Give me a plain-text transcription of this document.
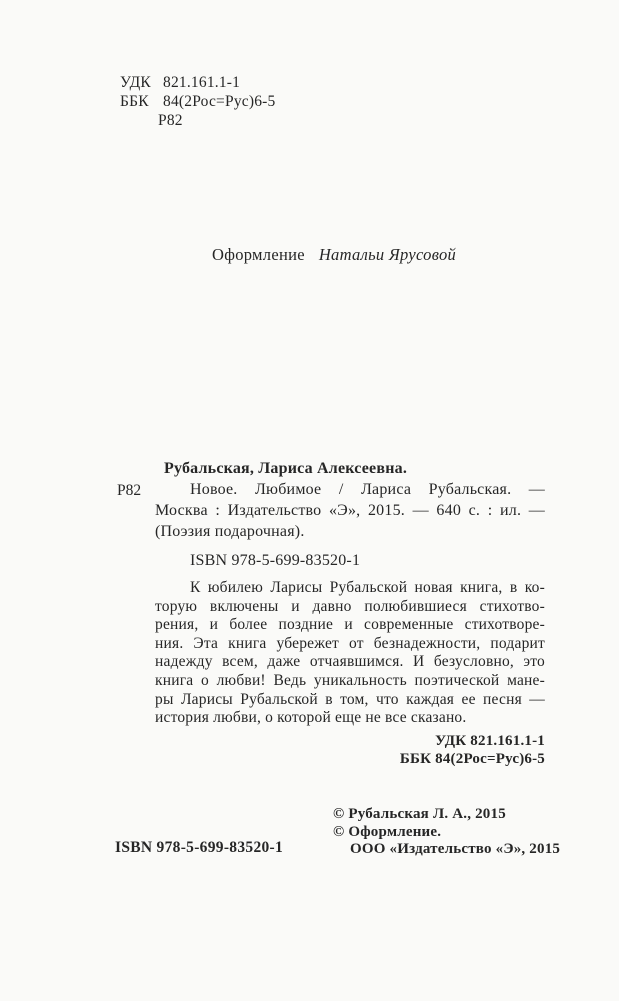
УДК 821.161.1-1
ББК 84(2Рос=Рус)6-5
Р82
Оформление Натальи Ярусовой
Р82
Рубальская, Лариса Алексеевна.
Новое. Любимое / Лариса Рубальская. —
Москва : Издательство «Э», 2015. — 640 с. : ил. —
(Поэзия подарочная).
ISBN 978-5-699-83520-1
К юбилею Ларисы Рубальской новая книга, в ко-
торую включены и давно полюбившиеся стихотво-
рения, и более поздние и современные стихотворе-
ния. Эта книга убережет от безнадежности, подарит
надежду всем, даже отчаявшимся. И безусловно, это
книга о любви! Ведь уникальность поэтической мане-
ры Ларисы Рубальской в том, что каждая ее песня —
история любви, о которой еще не все сказано.
УДК 821.161.1-1
ББК 84(2Рос=Рус)6-5
ISBN 978-5-699-83520-1
© Рубальская Л. А., 2015
© Оформление.
ООО «Издательство «Э», 2015
